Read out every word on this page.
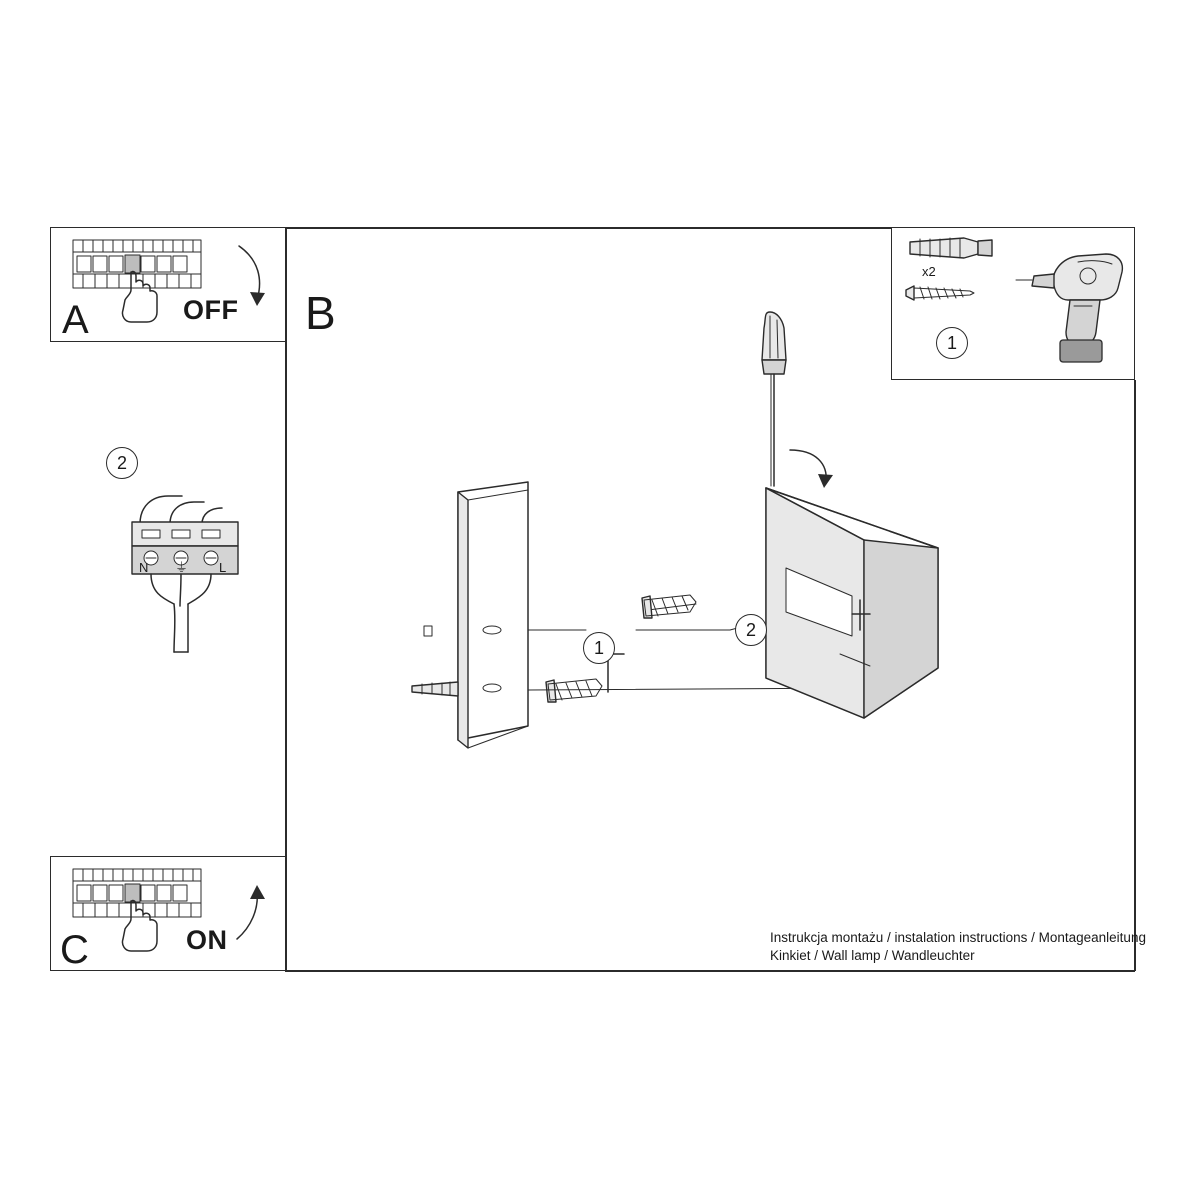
A	OFF B
x2
1
2
N ⏚ L
C	ON
1
2
Instrukcja montażu / instalation instructions / Montageanleitung
Kinkiet / Wall lamp / Wandleuchter
